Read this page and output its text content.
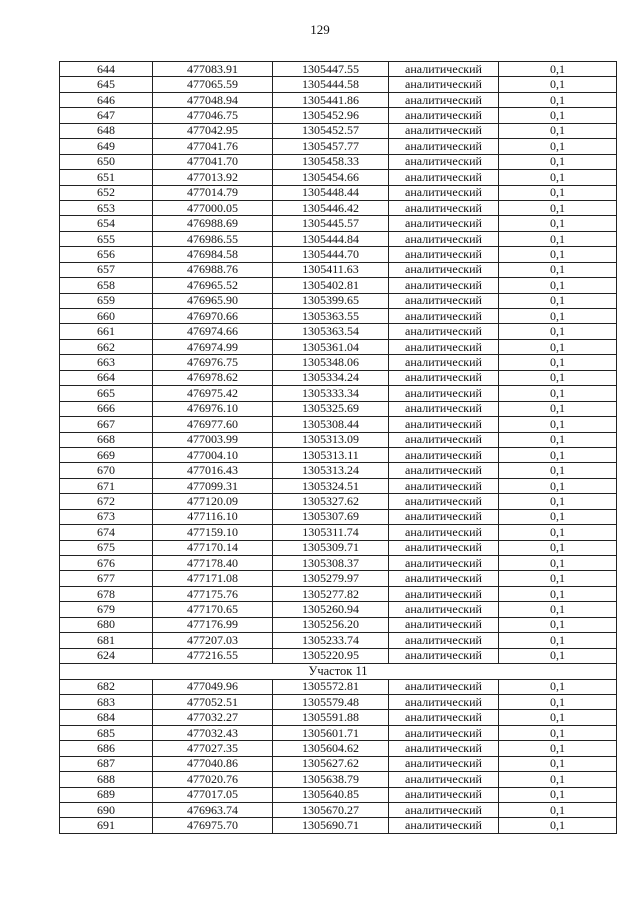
129
644	477083.91	1305447.55	аналитический	0,1
645	477065.59	1305444.58	аналитический	0,1
646	477048.94	1305441.86	аналитический	0,1
647	477046.75	1305452.96	аналитический	0,1
648	477042.95	1305452.57	аналитический	0,1
649	477041.76	1305457.77	аналитический	0,1
650	477041.70	1305458.33	аналитический	0,1
651	477013.92	1305454.66	аналитический	0,1
652	477014.79	1305448.44	аналитический	0,1
653	477000.05	1305446.42	аналитический	0,1
654	476988.69	1305445.57	аналитический	0,1
655	476986.55	1305444.84	аналитический	0,1
656	476984.58	1305444.70	аналитический	0,1
657	476988.76	1305411.63	аналитический	0,1
658	476965.52	1305402.81	аналитический	0,1
659	476965.90	1305399.65	аналитический	0,1
660	476970.66	1305363.55	аналитический	0,1
661	476974.66	1305363.54	аналитический	0,1
662	476974.99	1305361.04	аналитический	0,1
663	476976.75	1305348.06	аналитический	0,1
664	476978.62	1305334.24	аналитический	0,1
665	476975.42	1305333.34	аналитический	0,1
666	476976.10	1305325.69	аналитический	0,1
667	476977.60	1305308.44	аналитический	0,1
668	477003.99	1305313.09	аналитический	0,1
669	477004.10	1305313.11	аналитический	0,1
670	477016.43	1305313.24	аналитический	0,1
671	477099.31	1305324.51	аналитический	0,1
672	477120.09	1305327.62	аналитический	0,1
673	477116.10	1305307.69	аналитический	0,1
674	477159.10	1305311.74	аналитический	0,1
675	477170.14	1305309.71	аналитический	0,1
676	477178.40	1305308.37	аналитический	0,1
677	477171.08	1305279.97	аналитический	0,1
678	477175.76	1305277.82	аналитический	0,1
679	477170.65	1305260.94	аналитический	0,1
680	477176.99	1305256.20	аналитический	0,1
681	477207.03	1305233.74	аналитический	0,1
624	477216.55	1305220.95	аналитический	0,1
Участок 11				
682	477049.96	1305572.81	аналитический	0,1
683	477052.51	1305579.48	аналитический	0,1
684	477032.27	1305591.88	аналитический	0,1
685	477032.43	1305601.71	аналитический	0,1
686	477027.35	1305604.62	аналитический	0,1
687	477040.86	1305627.62	аналитический	0,1
688	477020.76	1305638.79	аналитический	0,1
689	477017.05	1305640.85	аналитический	0,1
690	476963.74	1305670.27	аналитический	0,1
691	476975.70	1305690.71	аналитический	0,1
